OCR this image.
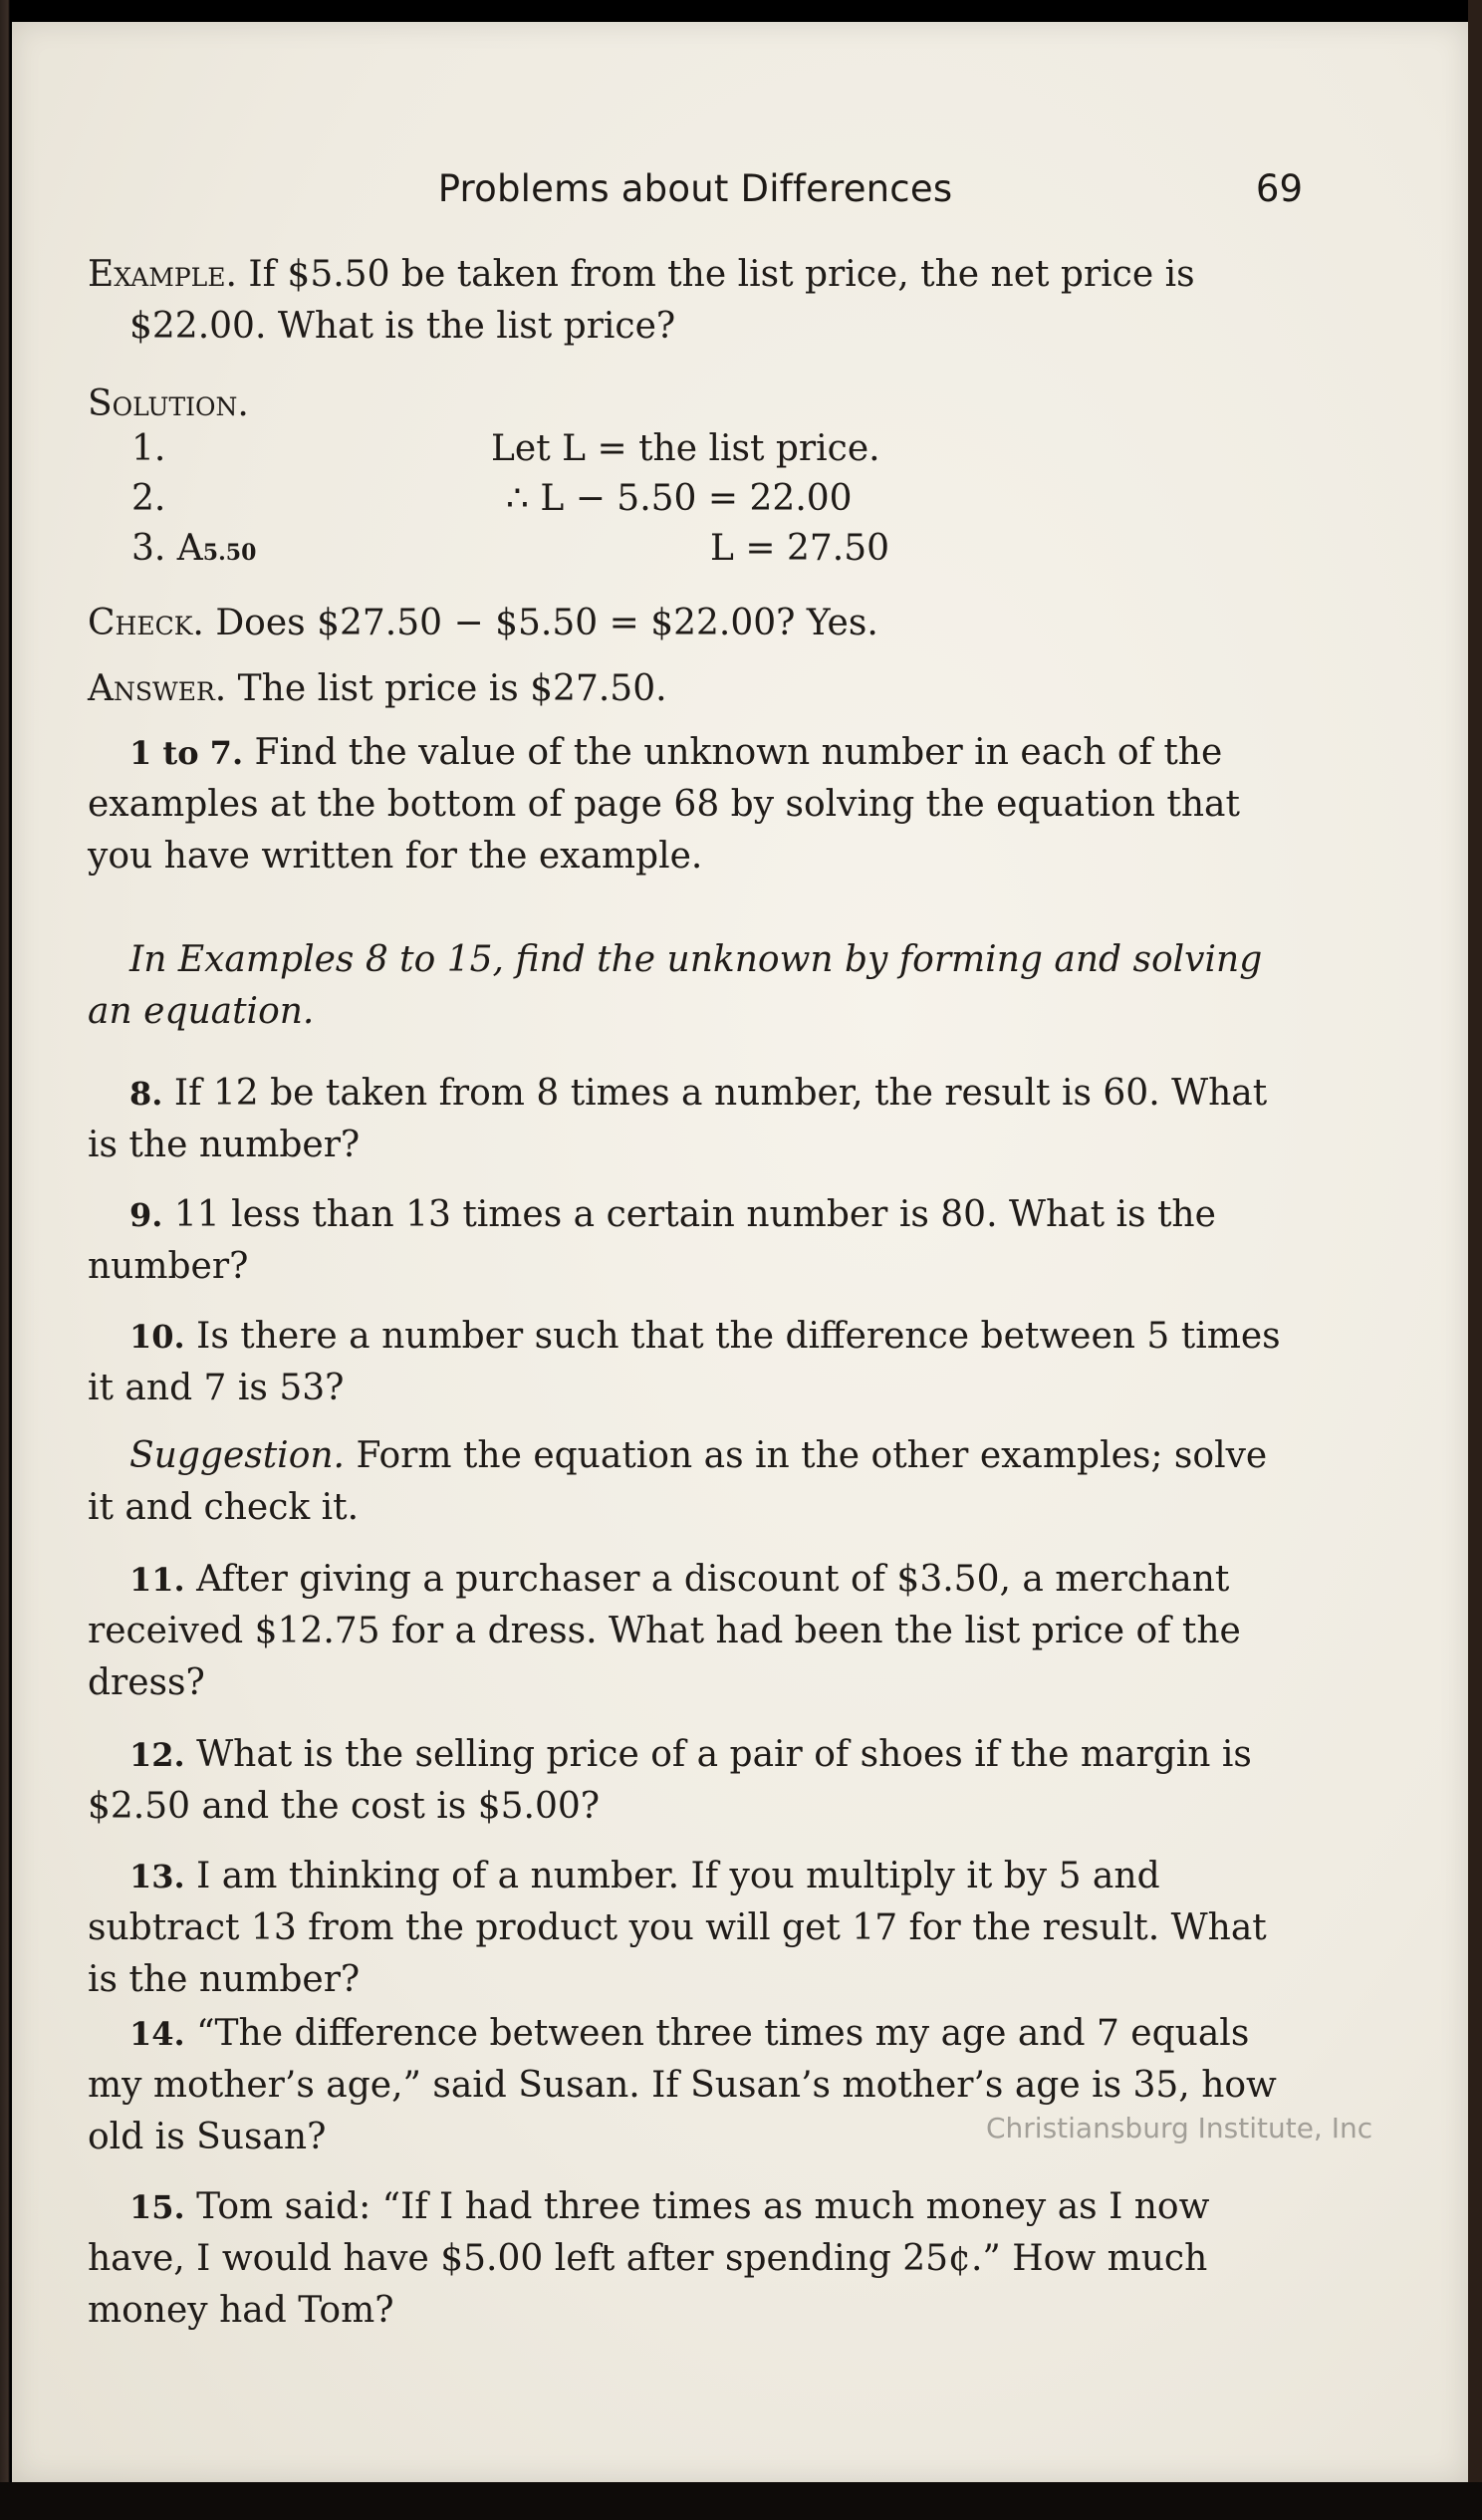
Problems about Differences	69
Example. If $5.50 be taken from the list price, the net price is $22.00. What is the list price?
Solution.
1.	Let L = the list price.
2.	∴ L − 5.50 = 22.00
3. A5.50	L = 27.50
Check. Does $27.50 − $5.50 = $22.00? Yes.
Answer. The list price is $27.50.
1 to 7. Find the value of the unknown number in each of the examples at the bottom of page 68 by solving the equation that you have written for the example.
In Examples 8 to 15, find the unknown by forming and solving an equation.
8. If 12 be taken from 8 times a number, the result is 60. What is the number?
9. 11 less than 13 times a certain number is 80. What is the number?
10. Is there a number such that the difference between 5 times it and 7 is 53?
Suggestion. Form the equation as in the other examples; solve it and check it.
11. After giving a purchaser a discount of $3.50, a merchant received $12.75 for a dress. What had been the list price of the dress?
12. What is the selling price of a pair of shoes if the margin is $2.50 and the cost is $5.00?
13. I am thinking of a number. If you multiply it by 5 and subtract 13 from the product you will get 17 for the result. What is the number?
14. “The difference between three times my age and 7 equals my mother’s age,” said Susan. If Susan’s mother’s age is 35, how old is Susan?
15. Tom said: “If I had three times as much money as I now have, I would have $5.00 left after spending 25¢.” How much money had Tom?
Christiansburg Institute, Inc
